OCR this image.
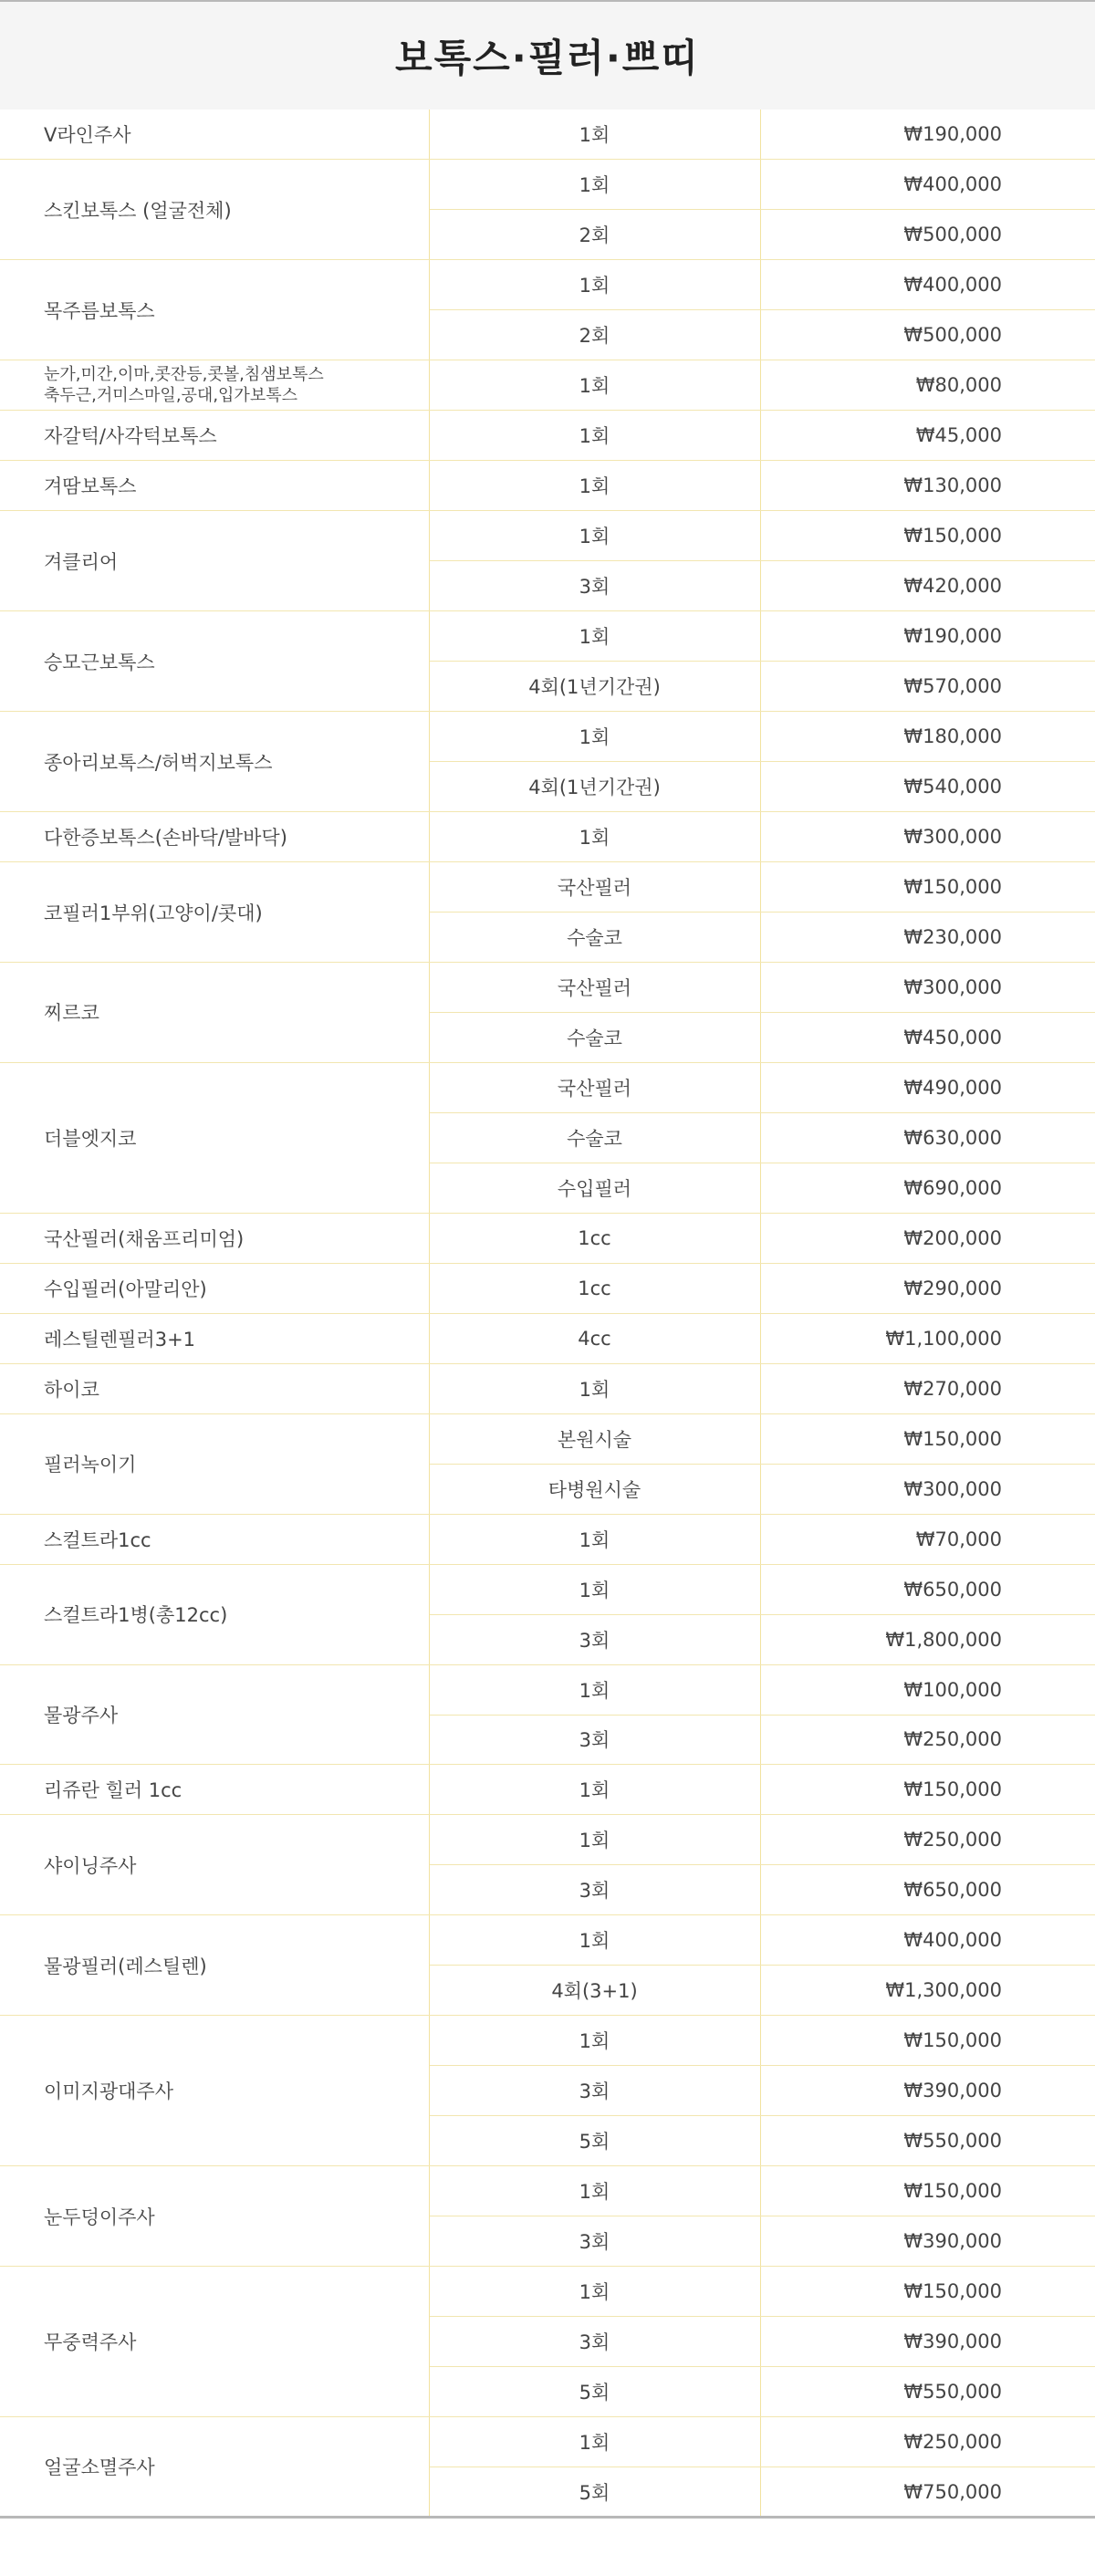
보톡스·필러·쁘띠
V라인주사	1회	₩190,000

스킨보톡스 (얼굴전체)	1회	₩400,000
	2회	₩500,000

목주름보톡스	1회	₩400,000
	2회	₩500,000

눈가,미간,이마,콧잔등,콧볼,침샘보톡스
축두근,거미스마일,공대,입가보톡스	1회	₩80,000

자갈턱/사각턱보톡스	1회	₩45,000

겨땀보톡스	1회	₩130,000

겨클리어	1회	₩150,000
	3회	₩420,000

승모근보톡스	1회	₩190,000
	4회(1년기간권)	₩570,000

종아리보톡스/허벅지보톡스	1회	₩180,000
	4회(1년기간권)	₩540,000

다한증보톡스(손바닥/발바닥)	1회	₩300,000

코필러1부위(고양이/콧대)	국산필러	₩150,000
	수술코	₩230,000

찌르코	국산필러	₩300,000
	수술코	₩450,000

더블엣지코	국산필러	₩490,000
	수술코	₩630,000
	수입필러	₩690,000

국산필러(채움프리미엄)	1cc	₩200,000

수입필러(아말리안)	1cc	₩290,000

레스틸렌필러3+1	4cc	₩1,100,000

하이코	1회	₩270,000

필러녹이기	본원시술	₩150,000
	타병원시술	₩300,000

스컬트라1cc	1회	₩70,000

스컬트라1병(총12cc)	1회	₩650,000
	3회	₩1,800,000

물광주사	1회	₩100,000
	3회	₩250,000

리쥬란 힐러 1cc	1회	₩150,000

샤이닝주사	1회	₩250,000
	3회	₩650,000

물광필러(레스틸렌)	1회	₩400,000
	4회(3+1)	₩1,300,000

이미지광대주사	1회	₩150,000
	3회	₩390,000
	5회	₩550,000

눈두덩이주사	1회	₩150,000
	3회	₩390,000

무중력주사	1회	₩150,000
	3회	₩390,000
	5회	₩550,000

얼굴소멸주사	1회	₩250,000
	5회	₩750,000
